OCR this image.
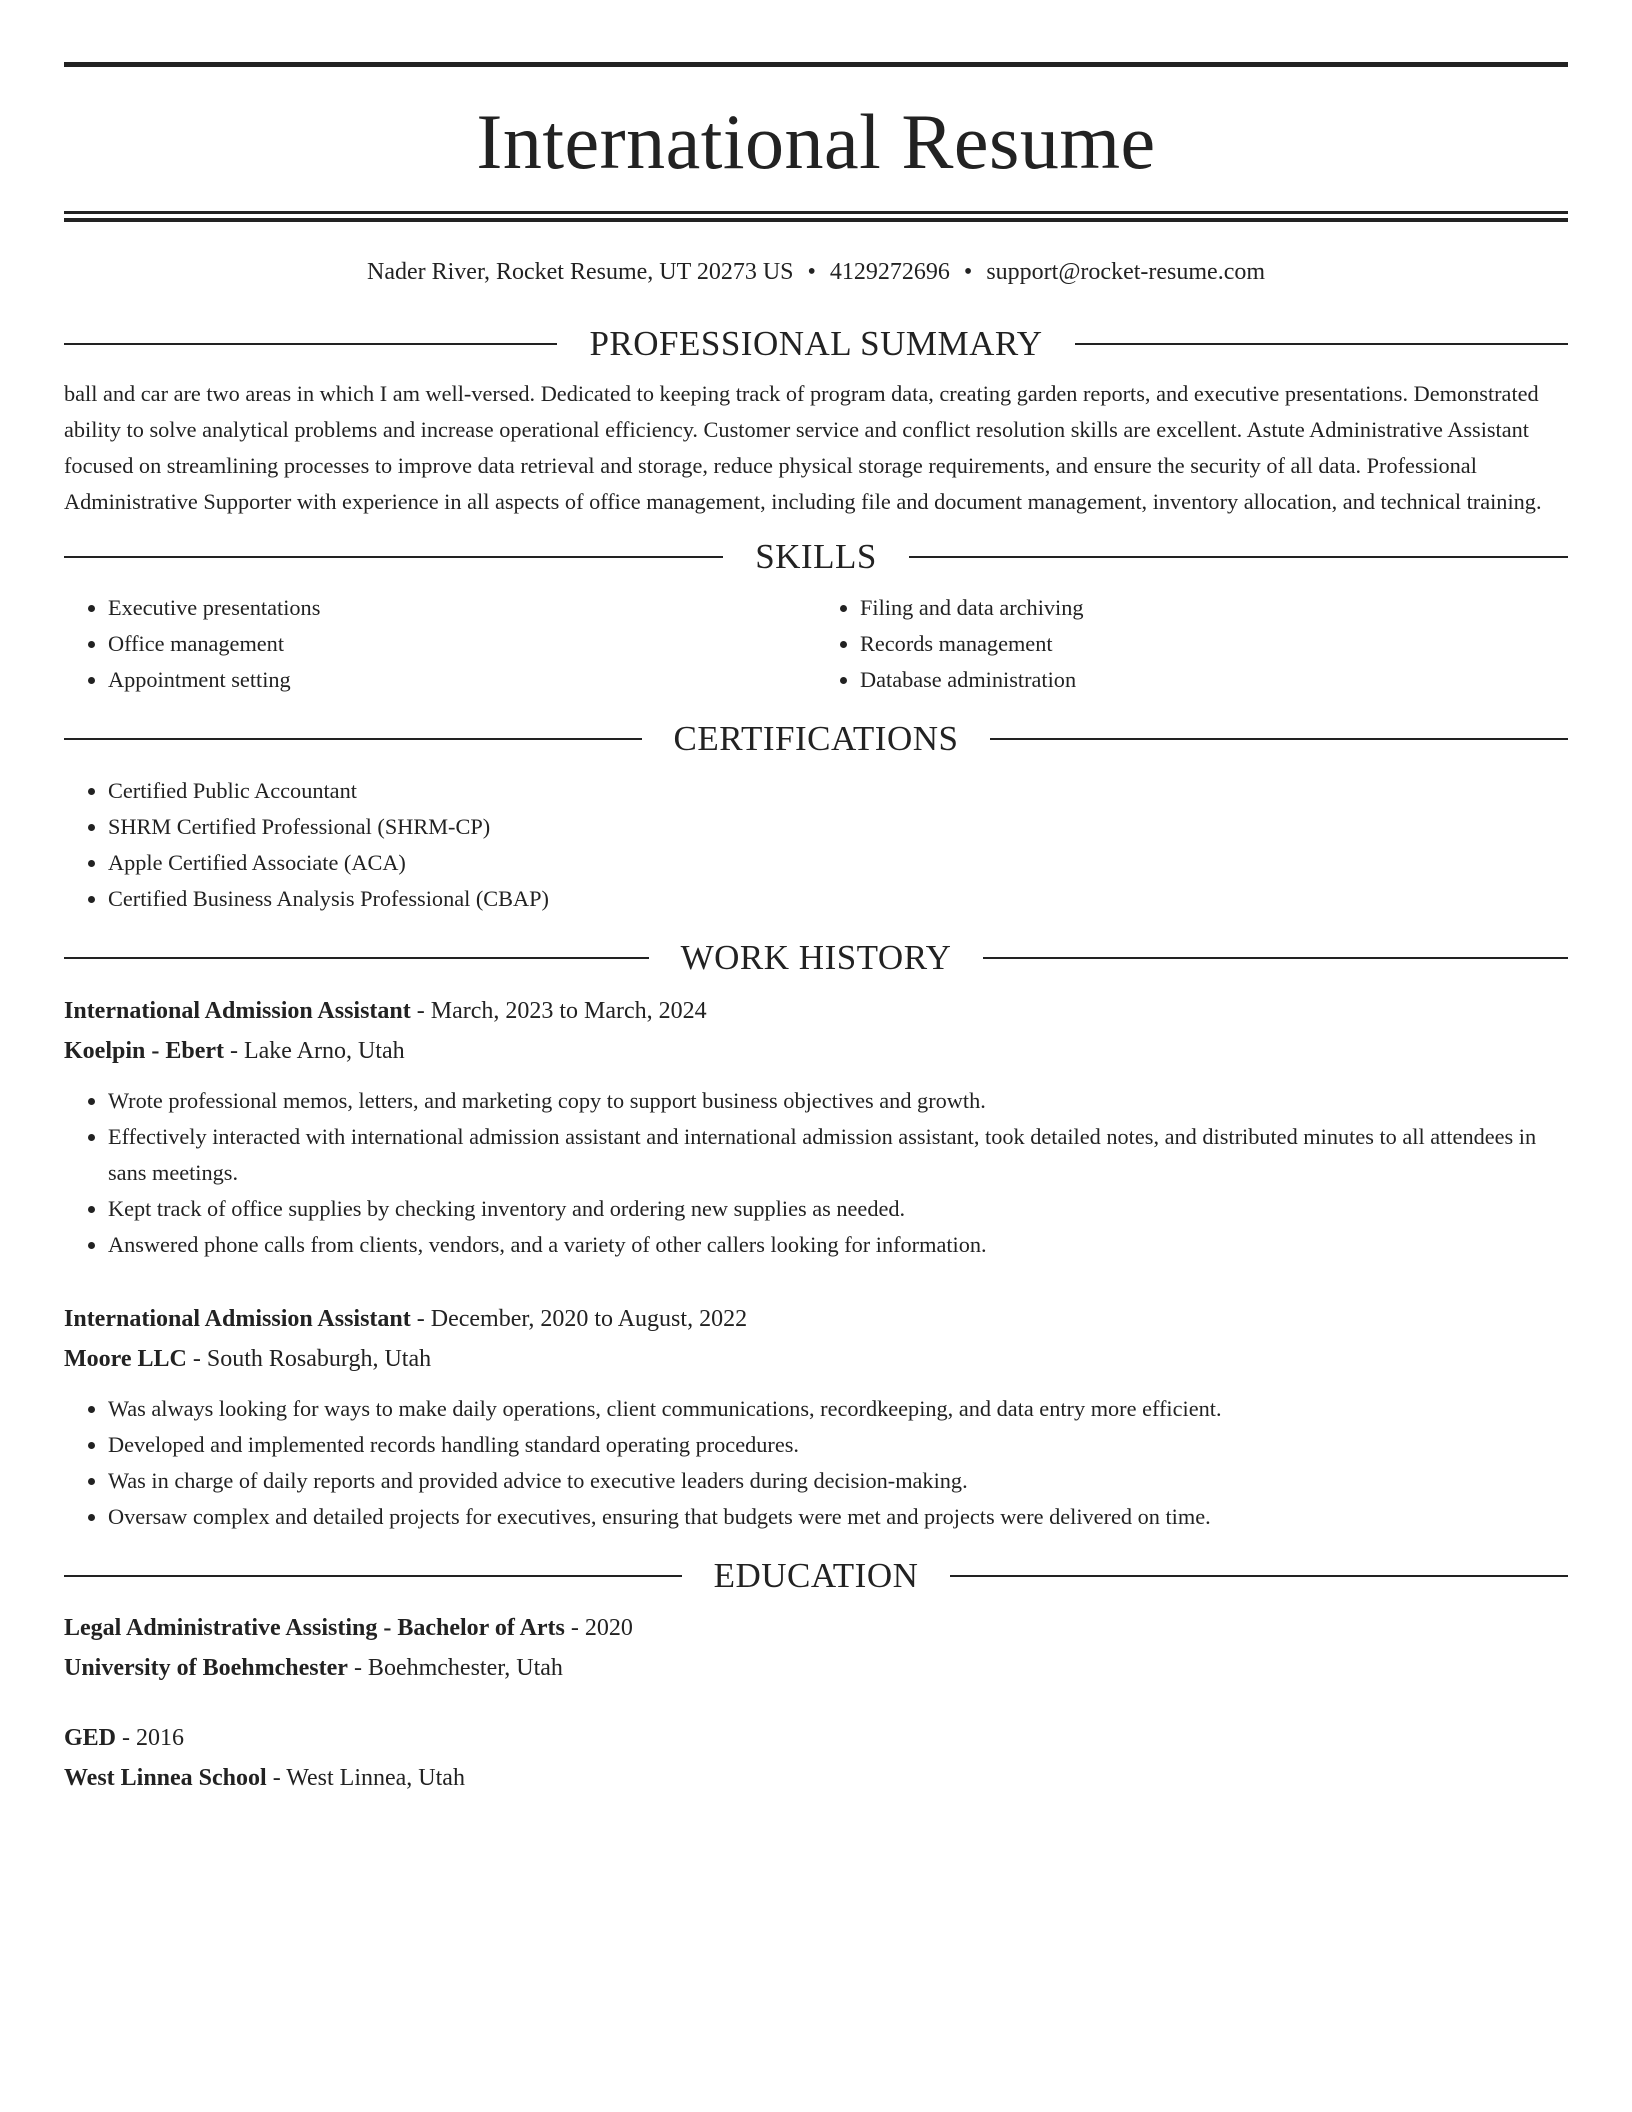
International Resume
Nader River, Rocket Resume, UT 20273 US • 4129272696 • support@rocket-resume.com
PROFESSIONAL SUMMARY

ball and car are two areas in which I am well-versed. Dedicated to keeping track of program data, creating garden reports, and executive presentations. Demonstrated ability to solve analytical problems and increase operational efficiency. Customer service and conflict resolution skills are excellent. Astute Administrative Assistant focused on streamlining processes to improve data retrieval and storage, reduce physical storage requirements, and ensure the security of all data. Professional Administrative Supporter with experience in all aspects of office management, including file and document management, inventory allocation, and technical training.

SKILLS
• Executive presentations
• Office management
• Appointment setting
• Filing and data archiving
• Records management
• Database administration
CERTIFICATIONS
• Certified Public Accountant
• SHRM Certified Professional (SHRM-CP)
• Apple Certified Associate (ACA)
• Certified Business Analysis Professional (CBAP)
WORK HISTORY
International Admission Assistant - March, 2023 to March, 2024
Koelpin - Ebert - Lake Arno, Utah
• Wrote professional memos, letters, and marketing copy to support business objectives and growth.
• Effectively interacted with international admission assistant and international admission assistant, took detailed notes, and distributed minutes to all attendees in sans meetings.
• Kept track of office supplies by checking inventory and ordering new supplies as needed.
• Answered phone calls from clients, vendors, and a variety of other callers looking for information.
International Admission Assistant - December, 2020 to August, 2022
Moore LLC - South Rosaburgh, Utah
• Was always looking for ways to make daily operations, client communications, recordkeeping, and data entry more efficient.
• Developed and implemented records handling standard operating procedures.
• Was in charge of daily reports and provided advice to executive leaders during decision-making.
• Oversaw complex and detailed projects for executives, ensuring that budgets were met and projects were delivered on time.
EDUCATION
Legal Administrative Assisting - Bachelor of Arts - 2020
University of Boehmchester - Boehmchester, Utah
GED - 2016
West Linnea School - West Linnea, Utah
